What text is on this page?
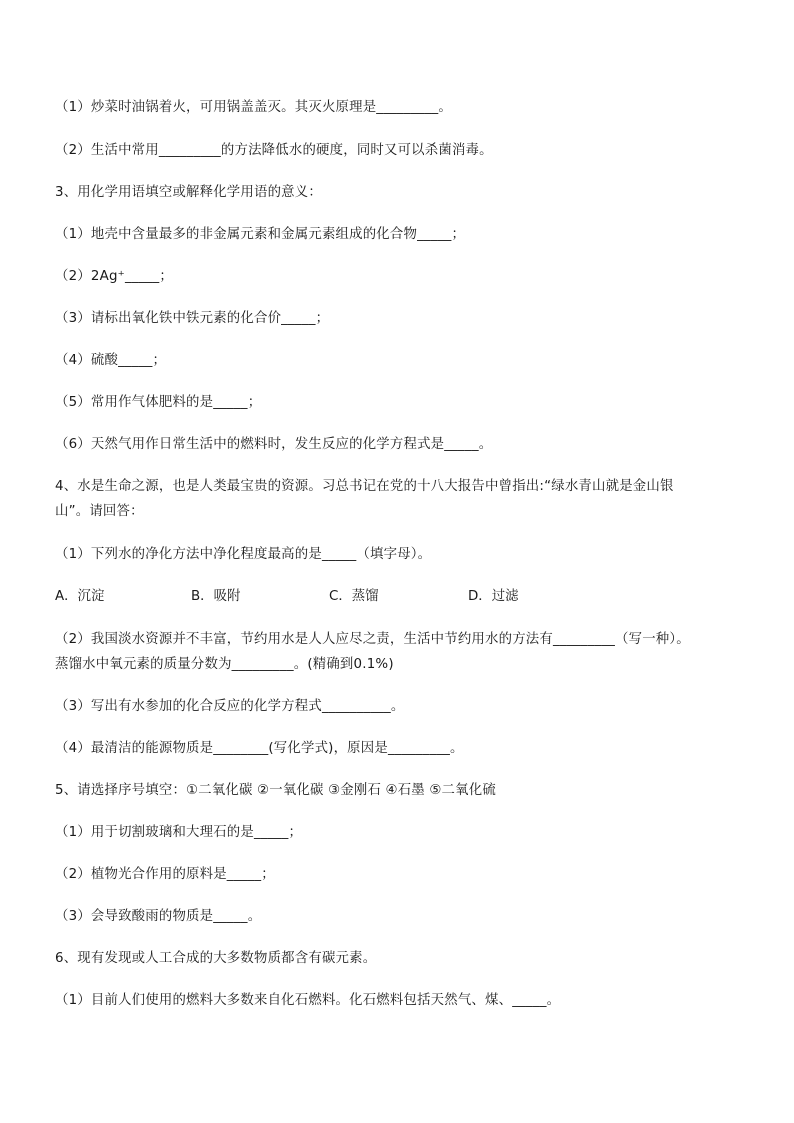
（1）炒菜时油锅着火，可用锅盖盖灭。其灭火原理是_________。
（2）生活中常用_________的方法降低水的硬度，同时又可以杀菌消毒。
3、用化学用语填空或解释化学用语的意义：
（1）地壳中含量最多的非金属元素和金属元素组成的化合物_____；
（2）2Ag⁺_____；
（3）请标出氧化铁中铁元素的化合价_____；
（4）硫酸_____；
（5）常用作气体肥料的是_____；
（6）天然气用作日常生活中的燃料时，发生反应的化学方程式是_____。
4、水是生命之源，也是人类最宝贵的资源。习总书记在党的十八大报告中曾指出:“绿水青山就是金山银
山”。请回答：
（1）下列水的净化方法中净化程度最高的是_____（填字母）。
A．沉淀	B．吸附	C．蒸馏	D．过滤
（2）我国淡水资源并不丰富，节约用水是人人应尽之责，生活中节约用水的方法有_________（写一种）。
蒸馏水中氧元素的质量分数为_________。(精确到0.1%)
（3）写出有水参加的化合反应的化学方程式__________。
（4）最清洁的能源物质是________(写化学式)，原因是_________。
5、请选择序号填空：①二氧化碳 ②一氧化碳 ③金刚石 ④石墨 ⑤二氧化硫
（1）用于切割玻璃和大理石的是_____；
（2）植物光合作用的原料是_____；
（3）会导致酸雨的物质是_____。
6、现有发现或人工合成的大多数物质都含有碳元素。
（1）目前人们使用的燃料大多数来自化石燃料。化石燃料包括天然气、煤、_____。
